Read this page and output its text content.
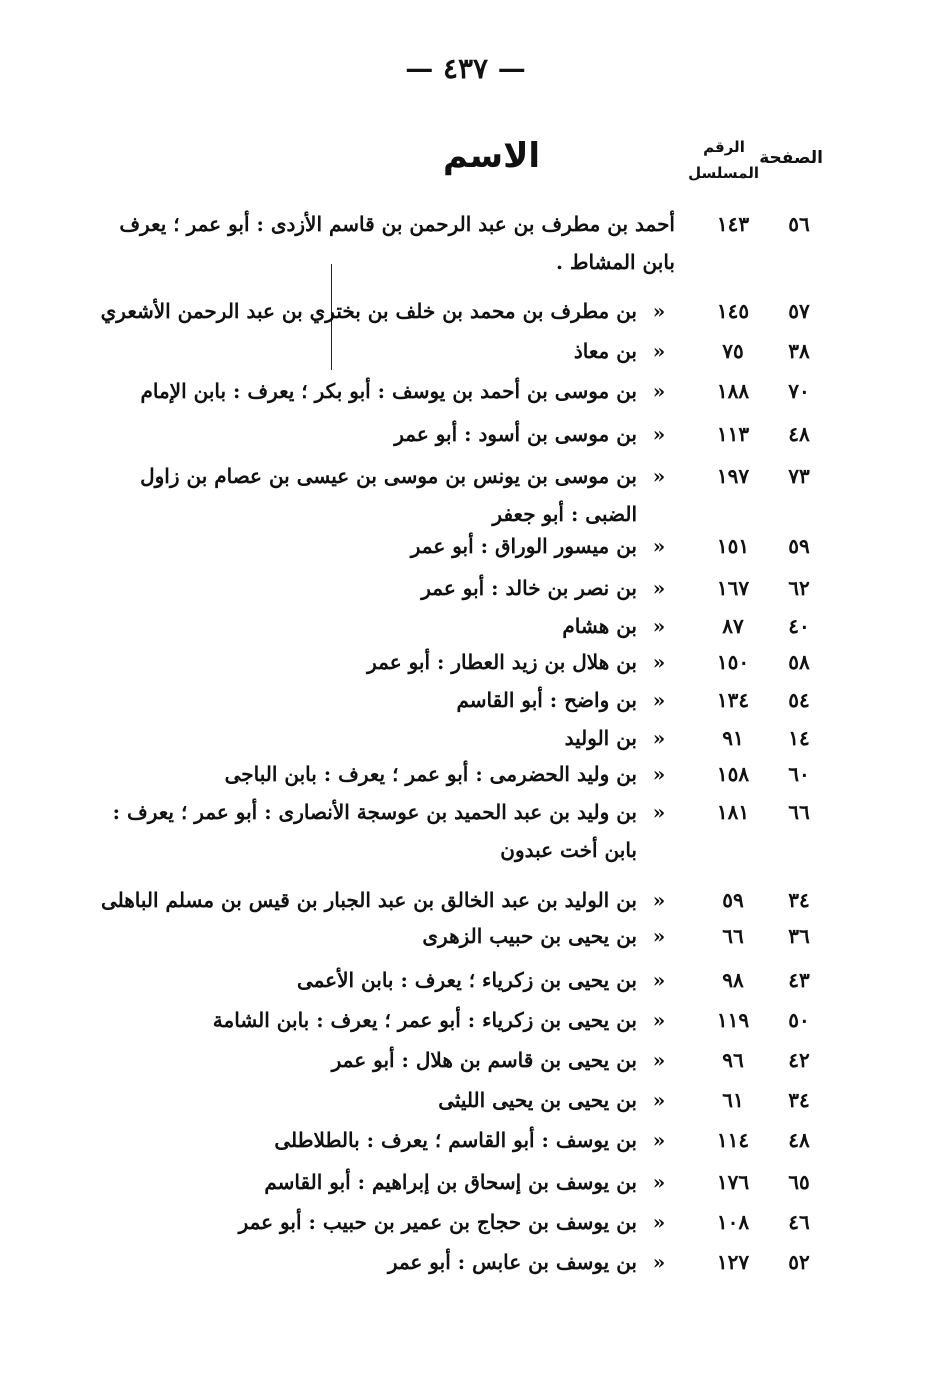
— ٤٣٧ —
الصفحة
الرقم
المسلسل
الاسم
٥٦
١٤٣
أحمد بن مطرف بن عبد الرحمن بن قاسم الأزدى : أبو عمر ؛ يعرف
بابن المشاط .
٥٧
١٤٥
«
بن مطرف بن محمد بن خلف بن بختري بن عبد الرحمن الأشعري
٣٨
٧٥
«
بن معاذ
٧٠
١٨٨
«
بن موسى بن أحمد بن يوسف : أبو بكر ؛ يعرف : بابن الإمام
٤٨
١١٣
«
بن موسى بن أسود : أبو عمر
٧٣
١٩٧
«
بن موسى بن يونس بن موسى بن عيسى بن عصام بن زاول
الضبى : أبو جعفر
٥٩
١٥١
«
بن ميسور الوراق : أبو عمر
٦٢
١٦٧
«
بن نصر بن خالد : أبو عمر
٤٠
٨٧
«
بن هشام
٥٨
١٥٠
«
بن هلال بن زيد العطار : أبو عمر
٥٤
١٣٤
«
بن واضح : أبو القاسم
١٤
٩١
«
بن الوليد
٦٠
١٥٨
«
بن وليد الحضرمى : أبو عمر ؛ يعرف : بابن الباجى
٦٦
١٨١
«
بن وليد بن عبد الحميد بن عوسجة الأنصارى : أبو عمر ؛ يعرف :
بابن أخت عبدون
٣٤
٥٩
«
بن الوليد بن عبد الخالق بن عبد الجبار بن قيس بن مسلم الباهلى
٣٦
٦٦
«
بن يحيى بن حبيب الزهرى
٤٣
٩٨
«
بن يحيى بن زكرياء ؛ يعرف : بابن الأعمى
٥٠
١١٩
«
بن يحيى بن زكرياء : أبو عمر ؛ يعرف : بابن الشامة
٤٢
٩٦
«
بن يحيى بن قاسم بن هلال : أبو عمر
٣٤
٦١
«
بن يحيى بن يحيى الليثى
٤٨
١١٤
«
بن يوسف : أبو القاسم ؛ يعرف : بالطلاطلى
٦٥
١٧٦
«
بن يوسف بن إسحاق بن إبراهيم : أبو القاسم
٤٦
١٠٨
«
بن يوسف بن حجاج بن عمير بن حبيب : أبو عمر
٥٢
١٢٧
«
بن يوسف بن عابس : أبو عمر
